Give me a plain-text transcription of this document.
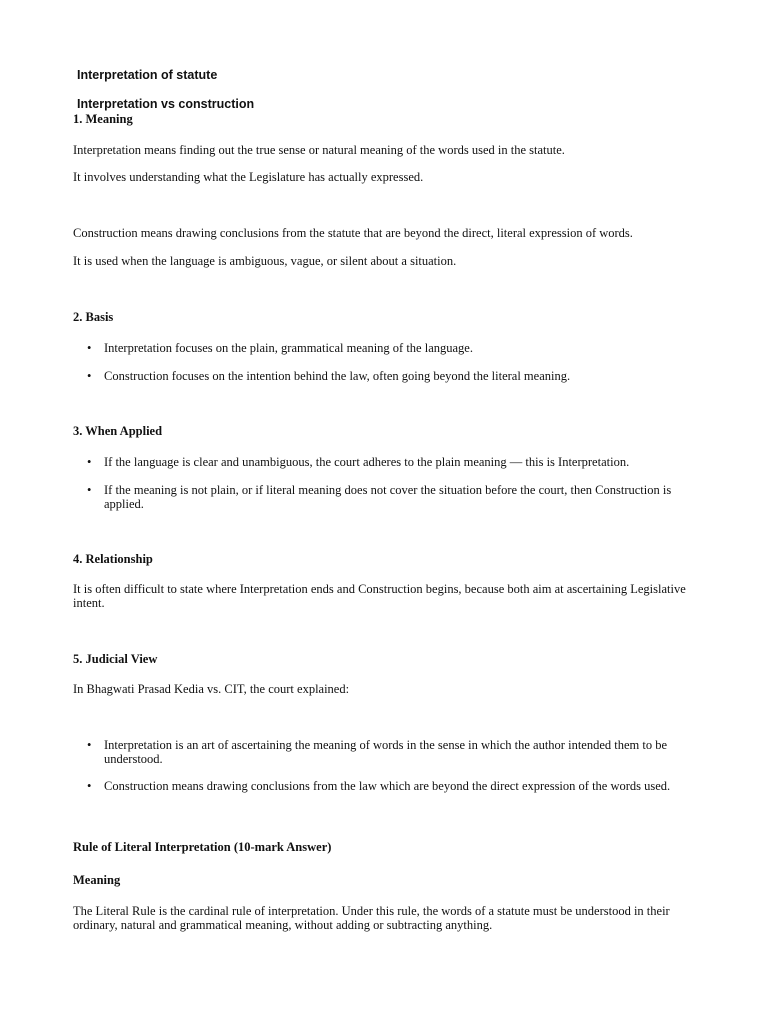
Interpretation of statute
Interpretation vs construction
1. Meaning
Interpretation means finding out the true sense or natural meaning of the words used in the statute.
It involves understanding what the Legislature has actually expressed.
Construction means drawing conclusions from the statute that are beyond the direct, literal expression of words.
It is used when the language is ambiguous, vague, or silent about a situation.
2. Basis
• Interpretation focuses on the plain, grammatical meaning of the language.
• Construction focuses on the intention behind the law, often going beyond the literal meaning.
3. When Applied
• If the language is clear and unambiguous, the court adheres to the plain meaning — this is Interpretation.
• If the meaning is not plain, or if literal meaning does not cover the situation before the court, then Construction is applied.
4. Relationship
It is often difficult to state where Interpretation ends and Construction begins, because both aim at ascertaining Legislative intent.
5. Judicial View
In Bhagwati Prasad Kedia vs. CIT, the court explained:
• Interpretation is an art of ascertaining the meaning of words in the sense in which the author intended them to be understood.
• Construction means drawing conclusions from the law which are beyond the direct expression of the words used.
Rule of Literal Interpretation (10-mark Answer)
Meaning
The Literal Rule is the cardinal rule of interpretation. Under this rule, the words of a statute must be understood in their ordinary, natural and grammatical meaning, without adding or subtracting anything.
